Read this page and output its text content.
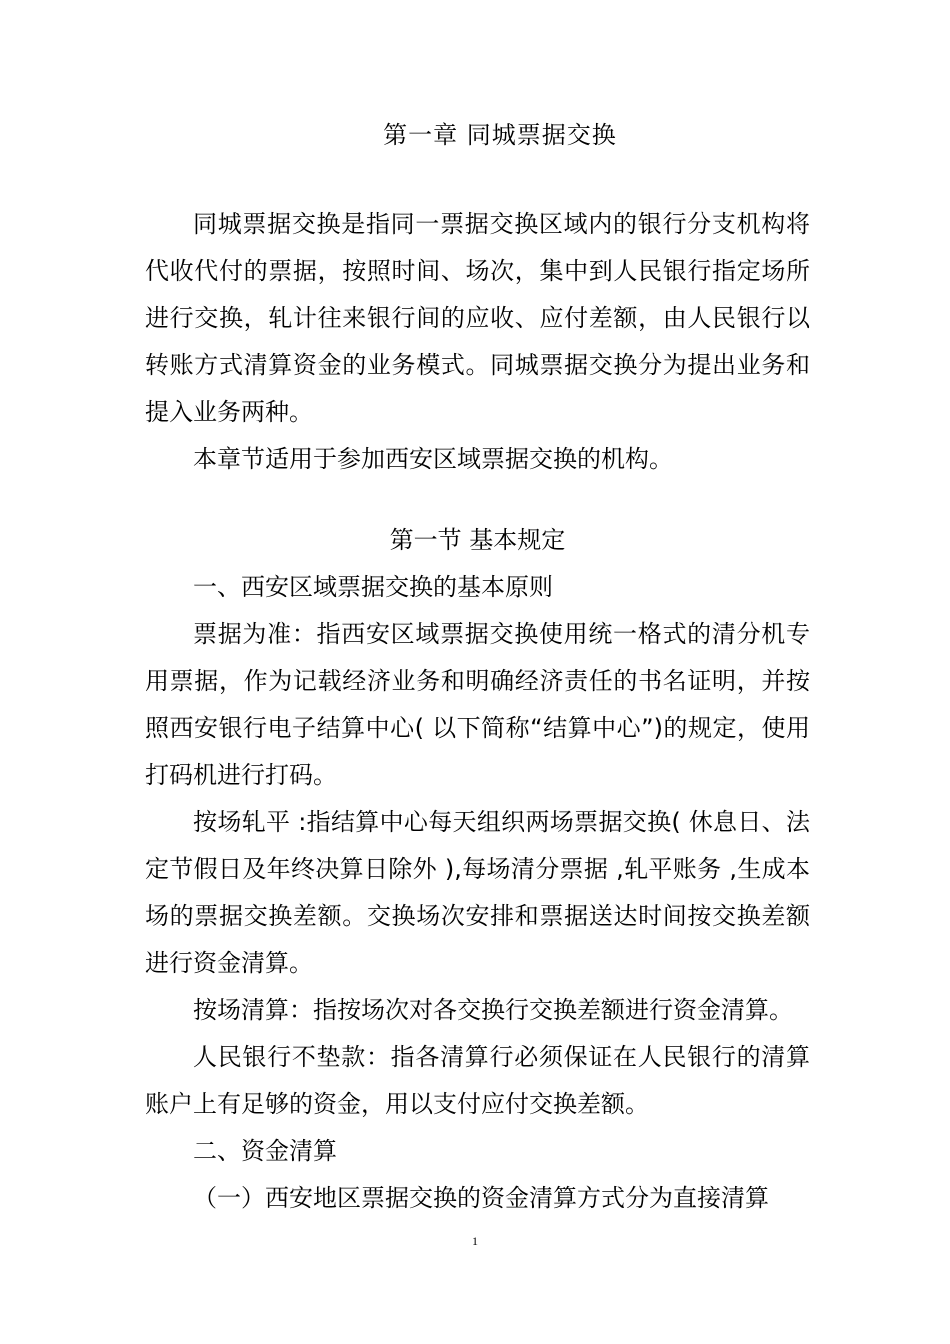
第一章 同城票据交换

同城票据交换是指同一票据交换区域内的银行分支机构将代收代付的票据，按照时间、场次，集中到人民银行指定场所进行交换，轧计往来银行间的应收、应付差额，由人民银行以转账方式清算资金的业务模式。同城票据交换分为提出业务和提入业务两种。

本章节适用于参加西安区域票据交换的机构。

第一节 基本规定

一、西安区域票据交换的基本原则

票据为准：指西安区域票据交换使用统一格式的清分机专用票据，作为记载经济业务和明确经济责任的书名证明，并按照西安银行电子结算中心( 以下简称“结算中心”)的规定，使用打码机进行打码。

按场轧平 :指结算中心每天组织两场票据交换( 休息日、法定节假日及年终决算日除外 ),每场清分票据 ,轧平账务 ,生成本场的票据交换差额。交换场次安排和票据送达时间按交换差额进行资金清算。

按场清算：指按场次对各交换行交换差额进行资金清算。

人民银行不垫款：指各清算行必须保证在人民银行的清算账户上有足够的资金，用以支付应付交换差额。

二、资金清算

（一）西安地区票据交换的资金清算方式分为直接清算

1
